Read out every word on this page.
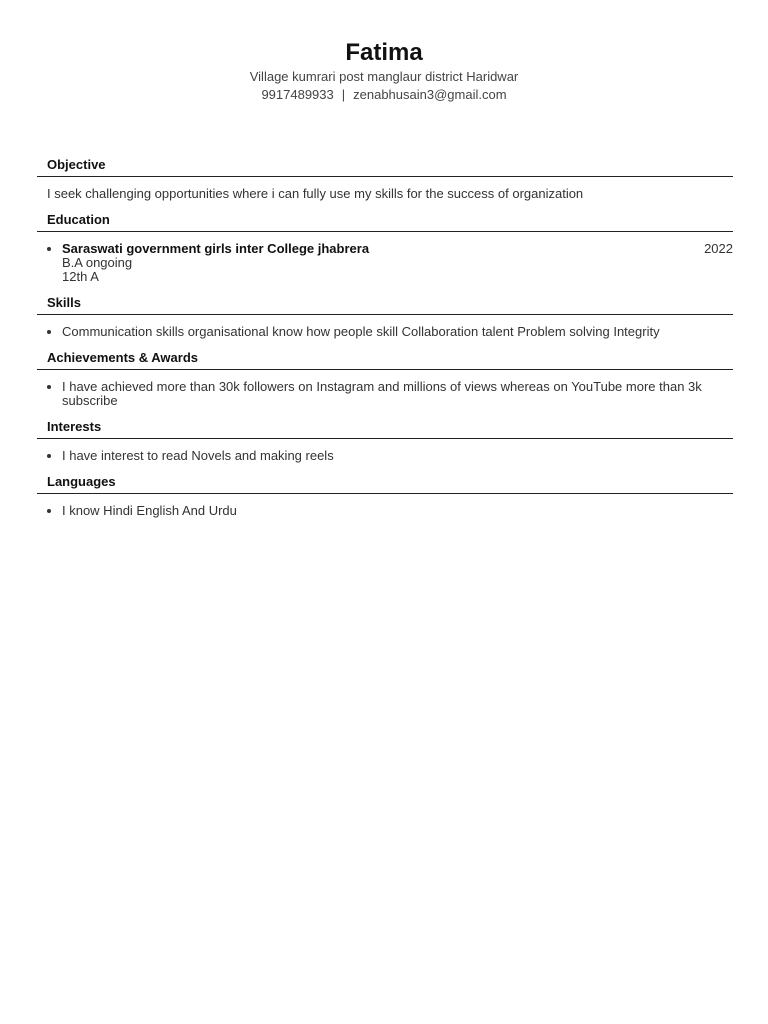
Fatima
Village kumrari post manglaur district Haridwar
9917489933 | zenabhusain3@gmail.com
Objective
I seek challenging opportunities where i can fully use my skills for the success of organization
Education
• Saraswati government girls inter College jhabrera	2022
B.A ongoing
12th A
Skills
• Communication skills organisational know how people skill Collaboration talent Problem solving Integrity
Achievements & Awards
• I have achieved more than 30k followers on Instagram and millions of views whereas on YouTube more than 3k subscribe
Interests
• I have interest to read Novels and making reels
Languages
• I know Hindi English And Urdu
